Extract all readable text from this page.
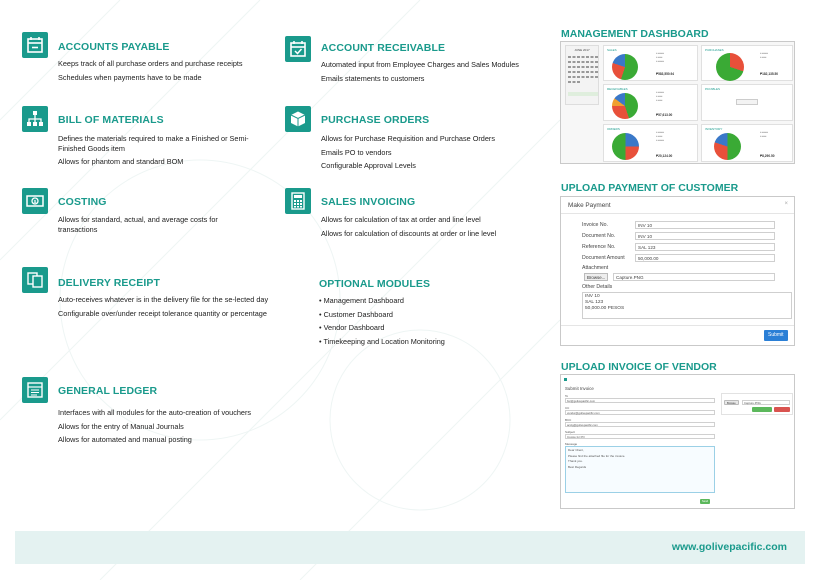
ACCOUNTS PAYABLE
Keeps track of all purchase orders and purchase receipts
Schedules when payments have to be made
BILL OF MATERIALS
Defines the materials required to make a Finished or Semi-Finished Goods item
Allows for phantom and standard BOM
$ COSTING
Allows for standard, actual, and average costs for transactions
DELIVERY RECEIPT
Auto-receives whatever is in the delivery file for the se-lected day
Configurable over/under receipt tolerance quantity or percentage
GENERAL LEDGER
Interfaces with all modules for the auto-creation of vouchers
Allows for the entry of Manual Journals
Allows for automated and manual posting
ACCOUNT RECEIVABLE
Automated input from Employee Charges and Sales Modules
Emails statements to customers
PURCHASE ORDERS
Allows for Purchase Requisition and Purchase Orders
Emails PO to vendors
Configurable Approval Levels
SALES INVOICING
Allows for calculation of tax at order and line level
Allows for calculation of discounts at order or line level
OPTIONAL MODULES
• Management Dashboard
• Customer Dashboard
• Vendor Dashboard
• Timekeeping and Location Monitoring
MANAGEMENT DASHBOARD
JUNE 2017	SALES
▪ ━━━━
▪ ━━━
▪ ━━━━
₱583,550.94
PURCHASES
▪ ━━━━
▪ ━━━
₱182,135.50
RECEIVABLES
▪ ━━━━
▪ ━━━
▪ ━━━
₱57,613.00
PAYABLES
ORDERS
▪ ━━━━
▪ ━━━
▪ ━━━━
₱20,124.00
INVENTORY
▪ ━━━━
▪ ━━━
₱8,290.50
UPLOAD PAYMENT OF CUSTOMER
Make Payment	×
Invoice No.	INV 10
Document No.	INV 10
Reference No.	SAL 123
Document Amount	50,000.00
Attachment
Browse...	Capture.PNG
Other Details
INV 10
SAL 123
50,000.00 PESOS
Submit
UPLOAD INVOICE OF VENDOR
Submit Invoice
To
bsr@golivepacific.com
CC
vendor@golivepacific.com
BCC
acctg@golivepacific.com
Subject
Invoice for PO
Message
Dear Client,
Please find the attached file for the invoice.
Thank you.
Best Regards
Send
Browse	Capture.PNG
www.golivepacific.com
